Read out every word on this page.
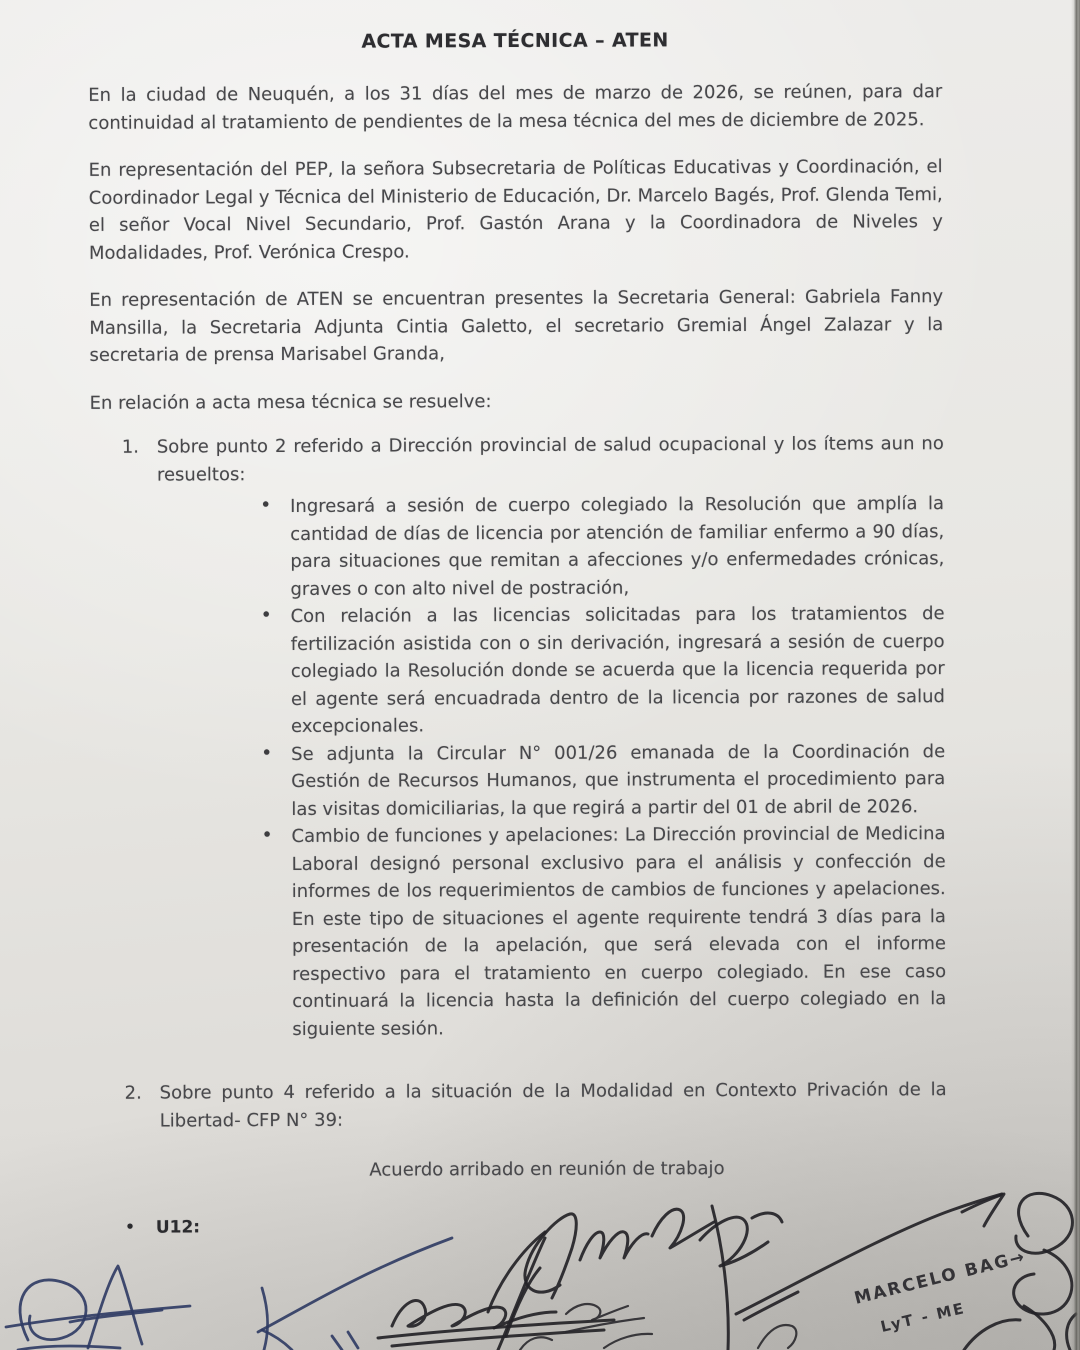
ACTA MESA TÉCNICA – ATEN

En la ciudad de Neuquén, a los 31 días del mes de marzo de 2026, se reúnen, para dar continuidad al tratamiento de pendientes de la mesa técnica del mes de diciembre de 2025.

En representación del PEP, la señora Subsecretaria de Políticas Educativas y Coordinación, el Coordinador Legal y Técnica del Ministerio de Educación, Dr. Marcelo Bagés, Prof. Glenda Temi, el señor Vocal Nivel Secundario, Prof. Gastón Arana y la Coordinadora de Niveles y Modalidades, Prof. Verónica Crespo.

En representación de ATEN se encuentran presentes la Secretaria General: Gabriela Fanny Mansilla, la Secretaria Adjunta Cintia Galetto, el secretario Gremial Ángel Zalazar y la secretaria de prensa Marisabel Granda,

En relación a acta mesa técnica se resuelve:

1. Sobre punto 2 referido a Dirección provincial de salud ocupacional y los ítems aun no resueltos:

• Ingresará a sesión de cuerpo colegiado la Resolución que amplía la cantidad de días de licencia por atención de familiar enfermo a 90 días, para situaciones que remitan a afecciones y/o enfermedades crónicas, graves o con alto nivel de postración,
• Con relación a las licencias solicitadas para los tratamientos de fertilización asistida con o sin derivación, ingresará a sesión de cuerpo colegiado la Resolución donde se acuerda que la licencia requerida por el agente será encuadrada dentro de la licencia por razones de salud excepcionales.
• Se adjunta la Circular N° 001/26 emanada de la Coordinación de Gestión de Recursos Humanos, que instrumenta el procedimiento para las visitas domiciliarias, la que regirá a partir del 01 de abril de 2026.
• Cambio de funciones y apelaciones: La Dirección provincial de Medicina Laboral designó personal exclusivo para el análisis y confección de informes de los requerimientos de cambios de funciones y apelaciones. En este tipo de situaciones el agente requirente tendrá 3 días para la presentación de la apelación, que será elevada con el informe respectivo para el tratamiento en cuerpo colegiado. En ese caso continuará la licencia hasta la definición del cuerpo colegiado en la siguiente sesión.
2. Sobre punto 4 referido a la situación de la Modalidad en Contexto Privación de la Libertad- CFP N° 39:

Acuerdo arribado en reunión de trabajo

• U12:
MARCELO BAG→
LyT - ME
